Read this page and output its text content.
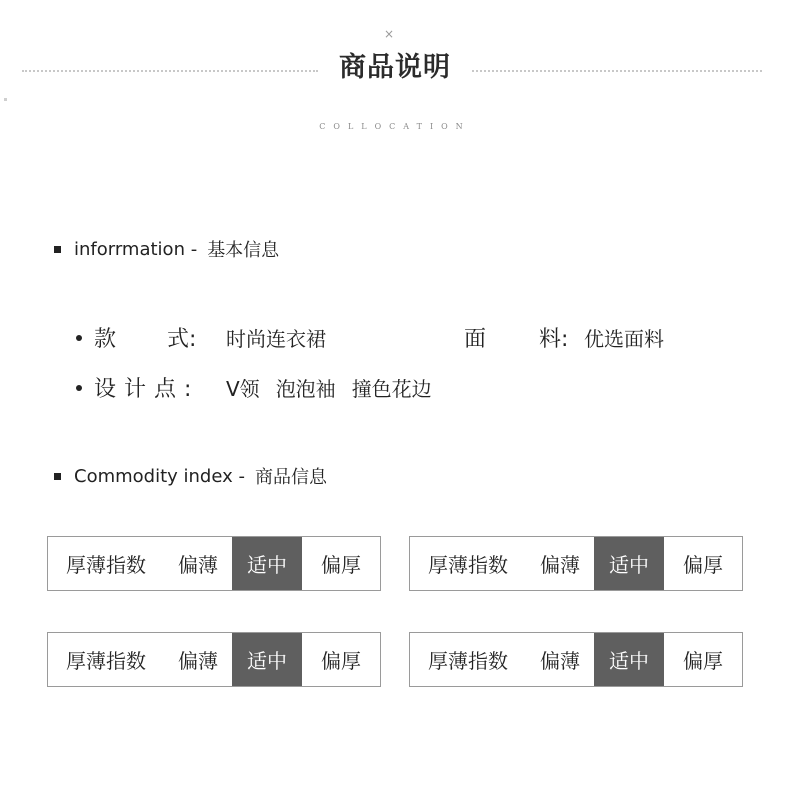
×
商品说明
COLLOCATION
inforrmation - 基本信息
款 式: 时尚连衣裙	面 料: 优选面料
设计点: V领 泡泡袖 撞色花边
Commodity index - 商品信息
厚薄指数	偏薄	适中	偏厚	厚薄指数	偏薄	适中	偏厚
厚薄指数	偏薄	适中	偏厚	厚薄指数	偏薄	适中	偏厚
